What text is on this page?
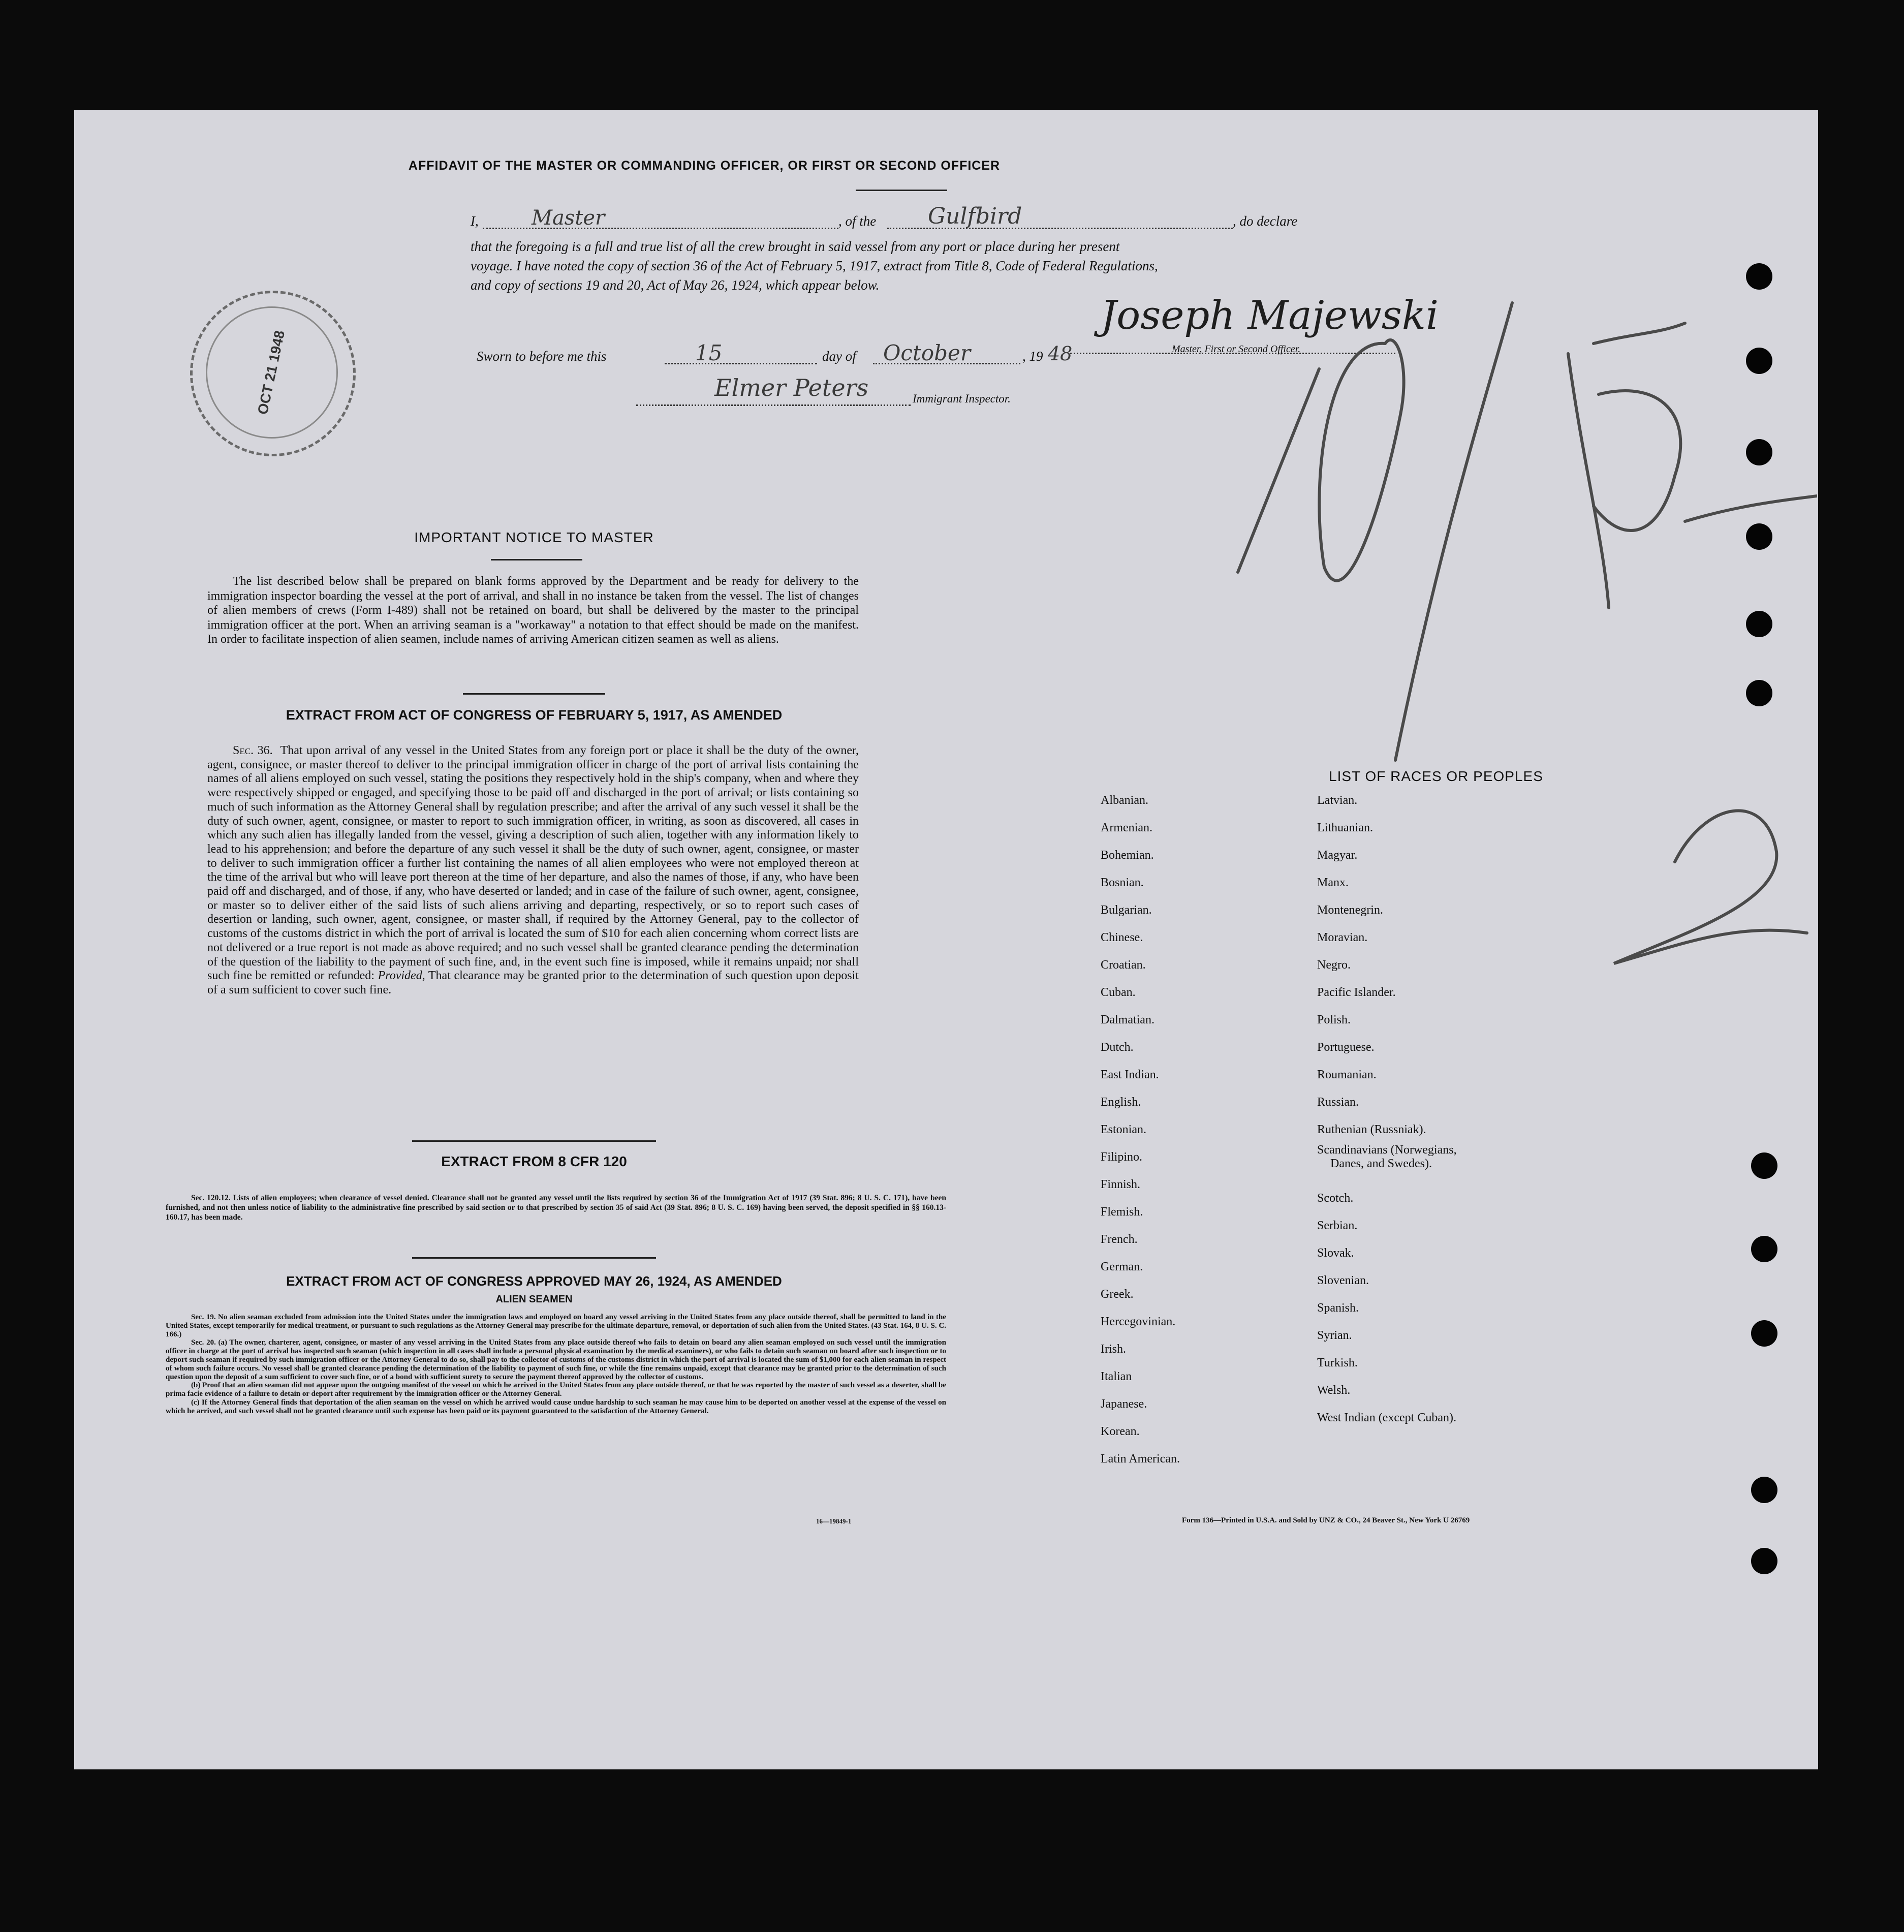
AFFIDAVIT OF THE MASTER OR COMMANDING OFFICER, OR FIRST OR SECOND OFFICER
I,	Master	, of the Gulfbird	, do declare
that the foregoing is a full and true list of all the crew brought in said vessel from any port or place during her present
voyage. I have noted the copy of section 36 of the Act of February 5, 1917, extract from Title 8, Code of Federal Regulations,
and copy of sections 19 and 20, Act of May 26, 1924, which appear below.
Joseph Majewski
Master, First or Second Officer.
Sworn to before me this	15	day of October	, 19 48
Elmer Peters	Immigrant Inspector.
OCT 21 1948
IMPORTANT NOTICE TO MASTER
The list described below shall be prepared on blank forms approved by the Department and be ready for delivery to the immigration inspector boarding the vessel at the port of arrival, and shall in no instance be taken from the vessel. The list of changes of alien members of crews (Form I-489) shall not be retained on board, but shall be delivered by the master to the principal immigration officer at the port. When an arriving seaman is a "workaway" a notation to that effect should be made on the manifest. In order to facilitate inspection of alien seamen, include names of arriving American citizen seamen as well as aliens.
EXTRACT FROM ACT OF CONGRESS OF FEBRUARY 5, 1917, AS AMENDED
Sec. 36. That upon arrival of any vessel in the United States from any foreign port or place it shall be the duty of the owner, agent, consignee, or master thereof to deliver to the principal immigration officer in charge of the port of arrival lists containing the names of all aliens employed on such vessel, stating the positions they respectively hold in the ship's company, when and where they were respectively shipped or engaged, and specifying those to be paid off and discharged in the port of arrival; or lists containing so much of such information as the Attorney General shall by regulation prescribe; and after the arrival of any such vessel it shall be the duty of such owner, agent, consignee, or master to report to such immigration officer, in writing, as soon as discovered, all cases in which any such alien has illegally landed from the vessel, giving a description of such alien, together with any information likely to lead to his apprehension; and before the departure of any such vessel it shall be the duty of such owner, agent, consignee, or master to deliver to such immigration officer a further list containing the names of all alien employees who were not employed thereon at the time of the arrival but who will leave port thereon at the time of her departure, and also the names of those, if any, who have been paid off and discharged, and of those, if any, who have deserted or landed; and in case of the failure of such owner, agent, consignee, or master so to deliver either of the said lists of such aliens arriving and departing, respectively, or so to report such cases of desertion or landing, such owner, agent, consignee, or master shall, if required by the Attorney General, pay to the collector of customs of the customs district in which the port of arrival is located the sum of $10 for each alien concerning whom correct lists are not delivered or a true report is not made as above required; and no such vessel shall be granted clearance pending the determination of the question of the liability to the payment of such fine, and, in the event such fine is imposed, while it remains unpaid; nor shall such fine be remitted or refunded: Provided, That clearance may be granted prior to the determination of such question upon deposit of a sum sufficient to cover such fine.
EXTRACT FROM 8 CFR 120
Sec. 120.12. Lists of alien employees; when clearance of vessel denied. Clearance shall not be granted any vessel until the lists required by section 36 of the Immigration Act of 1917 (39 Stat. 896; 8 U. S. C. 171), have been furnished, and not then unless notice of liability to the administrative fine prescribed by said section or to that prescribed by section 35 of said Act (39 Stat. 896; 8 U. S. C. 169) having been served, the deposit specified in §§ 160.13-160.17, has been made.
EXTRACT FROM ACT OF CONGRESS APPROVED MAY 26, 1924, AS AMENDED
ALIEN SEAMEN
Sec. 19. No alien seaman excluded from admission into the United States under the immigration laws and employed on board any vessel arriving in the United States from any place outside thereof, shall be permitted to land in the United States, except temporarily for medical treatment, or pursuant to such regulations as the Attorney General may prescribe for the ultimate departure, removal, or deportation of such alien from the United States. (43 Stat. 164, 8 U. S. C. 166.)
Sec. 20. (a) The owner, charterer, agent, consignee, or master of any vessel arriving in the United States from any place outside thereof who fails to detain on board any alien seaman employed on such vessel until the immigration officer in charge at the port of arrival has inspected such seaman (which inspection in all cases shall include a personal physical examination by the medical examiners), or who fails to detain such seaman on board after such inspection or to deport such seaman if required by such immigration officer or the Attorney General to do so, shall pay to the collector of customs of the customs district in which the port of arrival is located the sum of $1,000 for each alien seaman in respect of whom such failure occurs. No vessel shall be granted clearance pending the determination of the liability to payment of such fine, or while the fine remains unpaid, except that clearance may be granted prior to the determination of such question upon the deposit of a sum sufficient to cover such fine, or of a bond with sufficient surety to secure the payment thereof approved by the collector of customs.
(b) Proof that an alien seaman did not appear upon the outgoing manifest of the vessel on which he arrived in the United States from any place outside thereof, or that he was reported by the master of such vessel as a deserter, shall be prima facie evidence of a failure to detain or deport after requirement by the immigration officer or the Attorney General.
(c) If the Attorney General finds that deportation of the alien seaman on the vessel on which he arrived would cause undue hardship to such seaman he may cause him to be deported on another vessel at the expense of the vessel on which he arrived, and such vessel shall not be granted clearance until such expense has been paid or its payment guaranteed to the satisfaction of the Attorney General.
16—19849-1
LIST OF RACES OR PEOPLES
Albanian.
Armenian.
Bohemian.
Bosnian.
Bulgarian.
Chinese.
Croatian.
Cuban.
Dalmatian.
Dutch.
East Indian.
English.
Estonian.
Filipino.
Finnish.
Flemish.
French.
German.
Greek.
Hercegovinian.
Irish.
Italian
Japanese.
Korean.
Latin American.
Latvian.
Lithuanian.
Magyar.
Manx.
Montenegrin.
Moravian.
Negro.
Pacific Islander.
Polish.
Portuguese.
Roumanian.
Russian.
Ruthenian (Russniak).
Scandinavians (Norwegians,
Danes, and Swedes).
Scotch.
Serbian.
Slovak.
Slovenian.
Spanish.
Syrian.
Turkish.
Welsh.
West Indian (except Cuban).
Form 136—Printed in U.S.A. and Sold by UNZ & CO., 24 Beaver St., New York U 26769
